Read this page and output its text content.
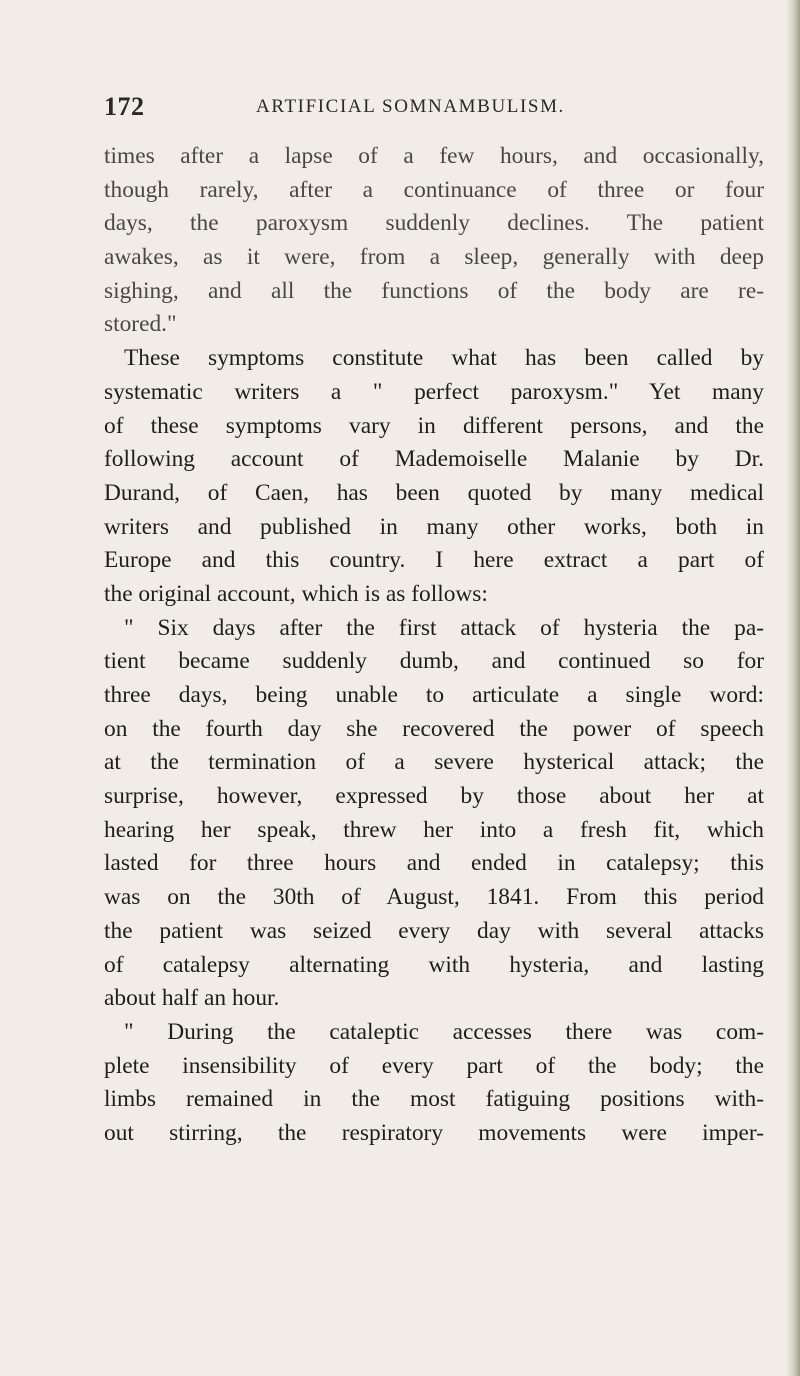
172	ARTIFICIAL SOMNAMBULISM.
times after a lapse of a few hours, and occasionally,
though rarely, after a continuance of three or four
days, the paroxysm suddenly declines. The patient
awakes, as it were, from a sleep, generally with deep
sighing, and all the functions of the body are re-
stored."
These symptoms constitute what has been called by
systematic writers a " perfect paroxysm." Yet many
of these symptoms vary in different persons, and the
following account of Mademoiselle Malanie by Dr.
Durand, of Caen, has been quoted by many medical
writers and published in many other works, both in
Europe and this country. I here extract a part of
the original account, which is as follows:
" Six days after the first attack of hysteria the pa-
tient became suddenly dumb, and continued so for
three days, being unable to articulate a single word:
on the fourth day she recovered the power of speech
at the termination of a severe hysterical attack; the
surprise, however, expressed by those about her at
hearing her speak, threw her into a fresh fit, which
lasted for three hours and ended in catalepsy; this
was on the 30th of August, 1841. From this period
the patient was seized every day with several attacks
of catalepsy alternating with hysteria, and lasting
about half an hour.
" During the cataleptic accesses there was com-
plete insensibility of every part of the body; the
limbs remained in the most fatiguing positions with-
out stirring, the respiratory movements were imper-
